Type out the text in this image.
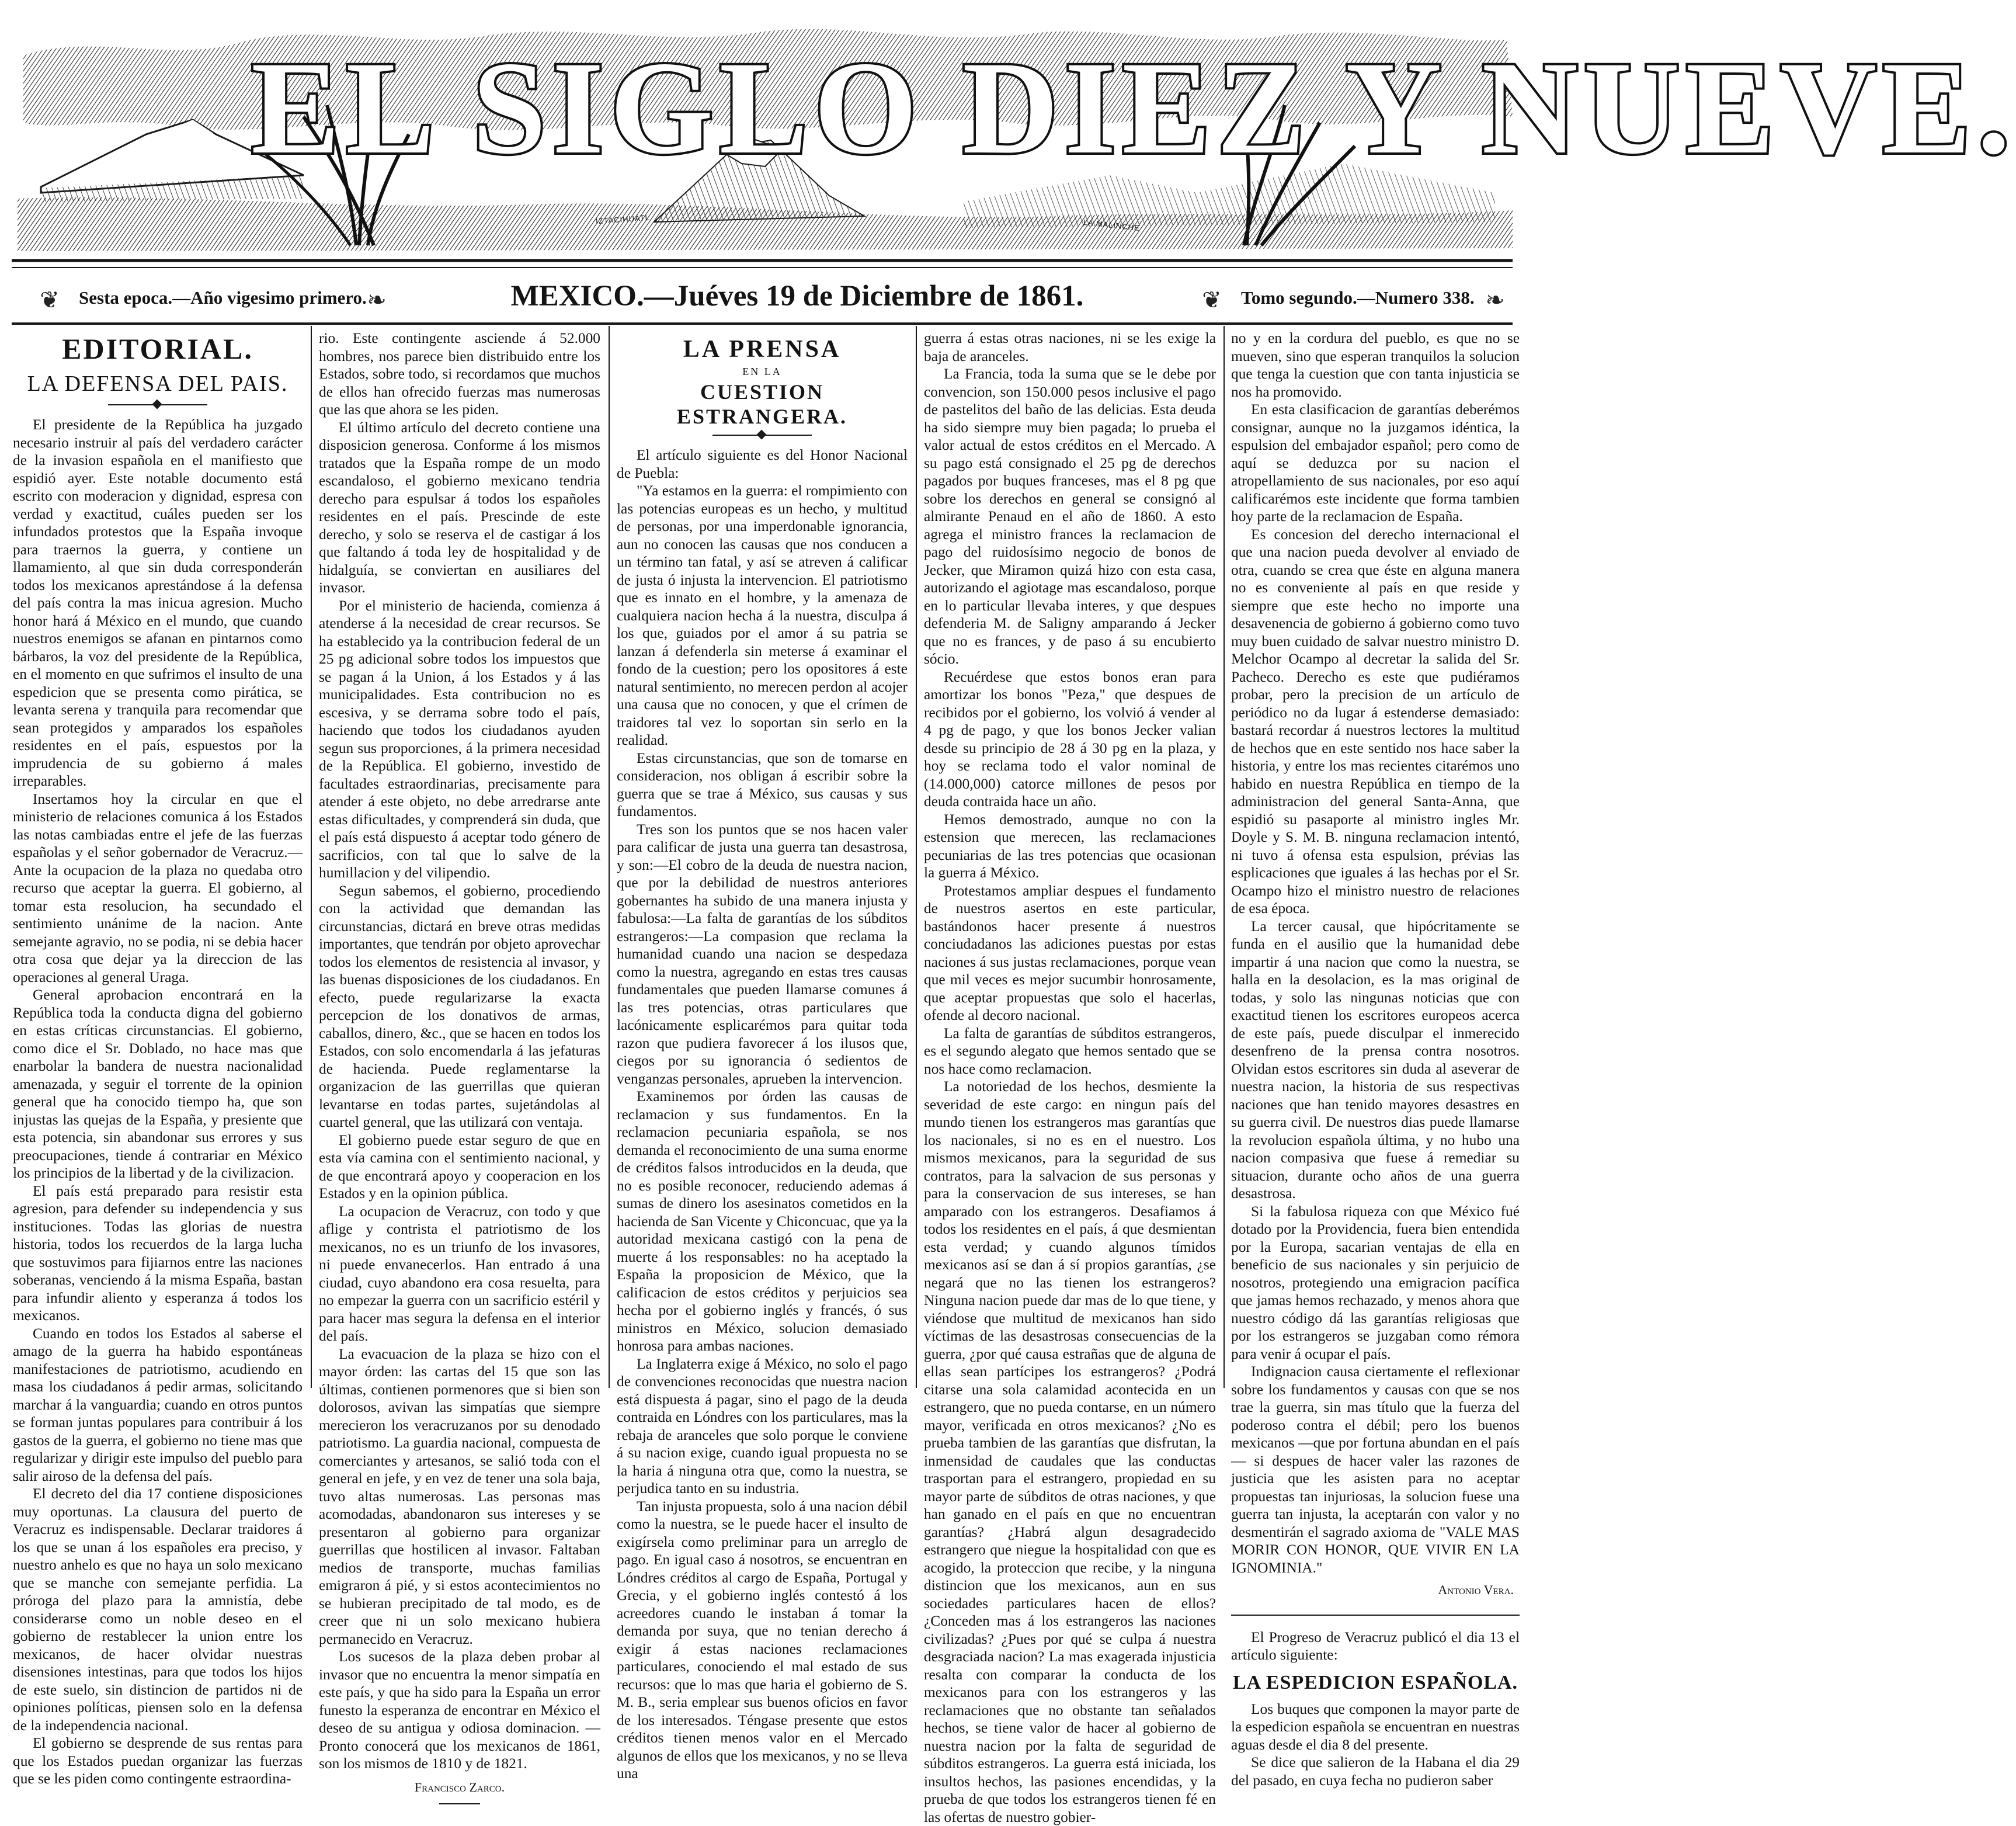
EL SIGLO DIEZ Y NUEVE.
IZTACIHUATL	LA MALINCHE
❦	Sesta epoca.—Año vigesimo primero. ❧	MEXICO.—Juéves 19 de Diciembre de 1861.	❦	Tomo segundo.—Numero 338. ❧
EDITORIAL.
LA DEFENSA DEL PAIS.

El presidente de la República ha juzgado necesario instruir al país del verdadero carácter de la invasion española en el manifiesto que espidió ayer. Este notable documento está escrito con moderacion y dignidad, espresa con verdad y exactitud, cuáles pueden ser los infundados protestos que la España invoque para traernos la guerra, y contiene un llamamiento, al que sin duda corresponderán todos los mexicanos aprestándose á la defensa del país contra la mas inicua agresion. Mucho honor hará á México en el mundo, que cuando nuestros enemigos se afanan en pintarnos como bárbaros, la voz del presidente de la República, en el momento en que sufrimos el insulto de una espedicion que se presenta como pirática, se levanta serena y tranquila para recomendar que sean protegidos y amparados los españoles residentes en el país, espuestos por la imprudencia de su gobierno á males irreparables.

Insertamos hoy la circular en que el ministerio de relaciones comunica á los Estados las notas cambiadas entre el jefe de las fuerzas españolas y el señor gobernador de Veracruz.—Ante la ocupacion de la plaza no quedaba otro recurso que aceptar la guerra. El gobierno, al tomar esta resolucion, ha secundado el sentimiento unánime de la nacion. Ante semejante agravio, no se podia, ni se debia hacer otra cosa que dejar ya la direccion de las operaciones al general Uraga.

General aprobacion encontrará en la República toda la conducta digna del gobierno en estas críticas circunstancias. El gobierno, como dice el Sr. Doblado, no hace mas que enarbolar la bandera de nuestra nacionalidad amenazada, y seguir el torrente de la opinion general que ha conocido tiempo ha, que son injustas las quejas de la España, y presiente que esta potencia, sin abandonar sus errores y sus preocupaciones, tiende á contrariar en México los principios de la libertad y de la civilizacion.

El país está preparado para resistir esta agresion, para defender su independencia y sus instituciones. Todas las glorias de nuestra historia, todos los recuerdos de la larga lucha que sostuvimos para fijiarnos entre las naciones soberanas, venciendo á la misma España, bastan para infundir aliento y esperanza á todos los mexicanos.

Cuando en todos los Estados al saberse el amago de la guerra ha habido espontáneas manifestaciones de patriotismo, acudiendo en masa los ciudadanos á pedir armas, solicitando marchar á la vanguardia; cuando en otros puntos se forman juntas populares para contribuir á los gastos de la guerra, el gobierno no tiene mas que regularizar y dirigir este impulso del pueblo para salir airoso de la defensa del país.

El decreto del dia 17 contiene disposiciones muy oportunas. La clausura del puerto de Veracruz es indispensable. Declarar traidores á los que se unan á los españoles era preciso, y nuestro anhelo es que no haya un solo mexicano que se manche con semejante perfidia. La próroga del plazo para la amnistía, debe considerarse como un noble deseo en el gobierno de restablecer la union entre los mexicanos, de hacer olvidar nuestras disensiones intestinas, para que todos los hijos de este suelo, sin distincion de partidos ni de opiniones políticas, piensen solo en la defensa de la independencia nacional.

El gobierno se desprende de sus rentas para que los Estados puedan organizar las fuerzas que se les piden como contingente estraordina-

rio. Este contingente asciende á 52.000 hombres, nos parece bien distribuido entre los Estados, sobre todo, si recordamos que muchos de ellos han ofrecido fuerzas mas numerosas que las que ahora se les piden.

El último artículo del decreto contiene una disposicion generosa. Conforme á los mismos tratados que la España rompe de un modo escandaloso, el gobierno mexicano tendria derecho para espulsar á todos los españoles residentes en el país. Prescinde de este derecho, y solo se reserva el de castigar á los que faltando á toda ley de hospitalidad y de hidalguía, se conviertan en ausiliares del invasor.

Por el ministerio de hacienda, comienza á atenderse á la necesidad de crear recursos. Se ha establecido ya la contribucion federal de un 25 pg adicional sobre todos los impuestos que se pagan á la Union, á los Estados y á las municipalidades. Esta contribucion no es escesiva, y se derrama sobre todo el país, haciendo que todos los ciudadanos ayuden segun sus proporciones, á la primera necesidad de la República. El gobierno, investido de facultades estraordinarias, precisamente para atender á este objeto, no debe arredrarse ante estas dificultades, y comprenderá sin duda, que el país está dispuesto á aceptar todo género de sacrificios, con tal que lo salve de la humillacion y del vilipendio.

Segun sabemos, el gobierno, procediendo con la actividad que demandan las circunstancias, dictará en breve otras medidas importantes, que tendrán por objeto aprovechar todos los elementos de resistencia al invasor, y las buenas disposiciones de los ciudadanos. En efecto, puede regularizarse la exacta percepcion de los donativos de armas, caballos, dinero, &c., que se hacen en todos los Estados, con solo encomendarla á las jefaturas de hacienda. Puede reglamentarse la organizacion de las guerrillas que quieran levantarse en todas partes, sujetándolas al cuartel general, que las utilizará con ventaja.

El gobierno puede estar seguro de que en esta vía camina con el sentimiento nacional, y de que encontrará apoyo y cooperacion en los Estados y en la opinion pública.

La ocupacion de Veracruz, con todo y que aflige y contrista el patriotismo de los mexicanos, no es un triunfo de los invasores, ni puede envanecerlos. Han entrado á una ciudad, cuyo abandono era cosa resuelta, para no empezar la guerra con un sacrificio estéril y para hacer mas segura la defensa en el interior del país.

La evacuacion de la plaza se hizo con el mayor órden: las cartas del 15 que son las últimas, contienen pormenores que si bien son dolorosos, avivan las simpatías que siempre merecieron los veracruzanos por su denodado patriotismo. La guardia nacional, compuesta de comerciantes y artesanos, se salió toda con el general en jefe, y en vez de tener una sola baja, tuvo altas numerosas. Las personas mas acomodadas, abandonaron sus intereses y se presentaron al gobierno para organizar guerrillas que hostilicen al invasor. Faltaban medios de transporte, muchas familias emigraron á pié, y si estos acontecimientos no se hubieran precipitado de tal modo, es de creer que ni un solo mexicano hubiera permanecido en Veracruz.

Los sucesos de la plaza deben probar al invasor que no encuentra la menor simpatía en este país, y que ha sido para la España un error funesto la esperanza de encontrar en México el deseo de su antigua y odiosa dominacion. —Pronto conocerá que los mexicanos de 1861, son los mismos de 1810 y de 1821.

Francisco Zarco.
LA PRENSA
EN LA
CUESTION ESTRANGERA.

El artículo siguiente es del Honor Nacional de Puebla:

"Ya estamos en la guerra: el rompimiento con las potencias europeas es un hecho, y multitud de personas, por una imperdonable ignorancia, aun no conocen las causas que nos conducen a un término tan fatal, y así se atreven á calificar de justa ó injusta la intervencion. El patriotismo que es innato en el hombre, y la amenaza de cualquiera nacion hecha á la nuestra, disculpa á los que, guiados por el amor á su patria se lanzan á defenderla sin meterse á examinar el fondo de la cuestion; pero los opositores á este natural sentimiento, no merecen perdon al acojer una causa que no conocen, y que el crímen de traidores tal vez lo soportan sin serlo en la realidad.

Estas circunstancias, que son de tomarse en consideracion, nos obligan á escribir sobre la guerra que se trae á México, sus causas y sus fundamentos.

Tres son los puntos que se nos hacen valer para calificar de justa una guerra tan desastrosa, y son:—El cobro de la deuda de nuestra nacion, que por la debilidad de nuestros anteriores gobernantes ha subido de una manera injusta y fabulosa:—La falta de garantías de los súbditos estrangeros:—La compasion que reclama la humanidad cuando una nacion se despedaza como la nuestra, agregando en estas tres causas fundamentales que pueden llamarse comunes á las tres potencias, otras particulares que lacónicamente esplicarémos para quitar toda razon que pudiera favorecer á los ilusos que, ciegos por su ignorancia ó sedientos de venganzas personales, aprueben la intervencion.

Examinemos por órden las causas de reclamacion y sus fundamentos. En la reclamacion pecuniaria española, se nos demanda el reconocimiento de una suma enorme de créditos falsos introducidos en la deuda, que no es posible reconocer, reduciendo ademas á sumas de dinero los asesinatos cometidos en la hacienda de San Vicente y Chiconcuac, que ya la autoridad mexicana castigó con la pena de muerte á los responsables: no ha aceptado la España la proposicion de México, que la calificacion de estos créditos y perjuicios sea hecha por el gobierno inglés y francés, ó sus ministros en México, solucion demasiado honrosa para ambas naciones.

La Inglaterra exige á México, no solo el pago de convenciones reconocidas que nuestra nacion está dispuesta á pagar, sino el pago de la deuda contraida en Lóndres con los particulares, mas la rebaja de aranceles que solo porque le conviene á su nacion exige, cuando igual propuesta no se la haria á ninguna otra que, como la nuestra, se perjudica tanto en su industria.

Tan injusta propuesta, solo á una nacion débil como la nuestra, se le puede hacer el insulto de exigírsela como preliminar para un arreglo de pago. En igual caso á nosotros, se encuentran en Lóndres créditos al cargo de España, Portugal y Grecia, y el gobierno inglés contestó á los acreedores cuando le instaban á tomar la demanda por suya, que no tenian derecho á exigir á estas naciones reclamaciones particulares, conociendo el mal estado de sus recursos: que lo mas que haria el gobierno de S. M. B., seria emplear sus buenos oficios en favor de los interesados. Téngase presente que estos créditos tienen menos valor en el Mercado algunos de ellos que los mexicanos, y no se lleva una

guerra á estas otras naciones, ni se les exige la baja de aranceles.

La Francia, toda la suma que se le debe por convencion, son 150.000 pesos inclusive el pago de pastelitos del baño de las delicias. Esta deuda ha sido siempre muy bien pagada; lo prueba el valor actual de estos créditos en el Mercado. A su pago está consignado el 25 pg de derechos pagados por buques franceses, mas el 8 pg que sobre los derechos en general se consignó al almirante Penaud en el año de 1860. A esto agrega el ministro frances la reclamacion de pago del ruidosísimo negocio de bonos de Jecker, que Miramon quizá hizo con esta casa, autorizando el agiotage mas escandaloso, porque en lo particular llevaba interes, y que despues defenderia M. de Saligny amparando á Jecker que no es frances, y de paso á su encubierto sócio.

Recuérdese que estos bonos eran para amortizar los bonos "Peza," que despues de recibidos por el gobierno, los volvió á vender al 4 pg de pago, y que los bonos Jecker valian desde su principio de 28 á 30 pg en la plaza, y hoy se reclama todo el valor nominal de (14.000,000) catorce millones de pesos por deuda contraida hace un año.

Hemos demostrado, aunque no con la estension que merecen, las reclamaciones pecuniarias de las tres potencias que ocasionan la guerra á México.

Protestamos ampliar despues el fundamento de nuestros asertos en este particular, bastándonos hacer presente á nuestros conciudadanos las adiciones puestas por estas naciones á sus justas reclamaciones, porque vean que mil veces es mejor sucumbir honrosamente, que aceptar propuestas que solo el hacerlas, ofende al decoro nacional.

La falta de garantías de súbditos estrangeros, es el segundo alegato que hemos sentado que se nos hace como reclamacion.

La notoriedad de los hechos, desmiente la severidad de este cargo: en ningun país del mundo tienen los estrangeros mas garantías que los nacionales, si no es en el nuestro. Los mismos mexicanos, para la seguridad de sus contratos, para la salvacion de sus personas y para la conservacion de sus intereses, se han amparado con los estrangeros. Desafiamos á todos los residentes en el país, á que desmientan esta verdad; y cuando algunos tímidos mexicanos así se dan á sí propios garantías, ¿se negará que no las tienen los estrangeros? Ninguna nacion puede dar mas de lo que tiene, y viéndose que multitud de mexicanos han sido víctimas de las desastrosas consecuencias de la guerra, ¿por qué causa estrañas que de alguna de ellas sean partícipes los estrangeros? ¿Podrá citarse una sola calamidad acontecida en un estrangero, que no pueda contarse, en un número mayor, verificada en otros mexicanos? ¿No es prueba tambien de las garantías que disfrutan, la inmensidad de caudales que las conductas trasportan para el estrangero, propiedad en su mayor parte de súbditos de otras naciones, y que han ganado en el país en que no encuentran garantías? ¿Habrá algun desagradecido estrangero que niegue la hospitalidad con que es acogido, la proteccion que recibe, y la ninguna distincion que los mexicanos, aun en sus sociedades particulares hacen de ellos? ¿Conceden mas á los estrangeros las naciones civilizadas? ¿Pues por qué se culpa á nuestra desgraciada nacion? La mas exagerada injusticia resalta con comparar la conducta de los mexicanos para con los estrangeros y las reclamaciones que no obstante tan señalados hechos, se tiene valor de hacer al gobierno de nuestra nacion por la falta de seguridad de súbditos estrangeros. La guerra está iniciada, los insultos hechos, las pasiones encendidas, y la prueba de que todos los estrangeros tienen fé en las ofertas de nuestro gobier-

no y en la cordura del pueblo, es que no se mueven, sino que esperan tranquilos la solucion que tenga la cuestion que con tanta injusticia se nos ha promovido.

En esta clasificacion de garantías deberémos consignar, aunque no la juzgamos idéntica, la espulsion del embajador español; pero como de aquí se deduzca por su nacion el atropellamiento de sus nacionales, por eso aquí calificarémos este incidente que forma tambien hoy parte de la reclamacion de España.

Es concesion del derecho internacional el que una nacion pueda devolver al enviado de otra, cuando se crea que éste en alguna manera no es conveniente al país en que reside y siempre que este hecho no importe una desavenencia de gobierno á gobierno como tuvo muy buen cuidado de salvar nuestro ministro D. Melchor Ocampo al decretar la salida del Sr. Pacheco. Derecho es este que pudiéramos probar, pero la precision de un artículo de periódico no da lugar á estenderse demasiado: bastará recordar á nuestros lectores la multitud de hechos que en este sentido nos hace saber la historia, y entre los mas recientes citarémos uno habido en nuestra República en tiempo de la administracion del general Santa-Anna, que espidió su pasaporte al ministro ingles Mr. Doyle y S. M. B. ninguna reclamacion intentó, ni tuvo á ofensa esta espulsion, prévias las esplicaciones que iguales á las hechas por el Sr. Ocampo hizo el ministro nuestro de relaciones de esa época.

La tercer causal, que hipócritamente se funda en el ausilio que la humanidad debe impartir á una nacion que como la nuestra, se halla en la desolacion, es la mas original de todas, y solo las ningunas noticias que con exactitud tienen los escritores europeos acerca de este país, puede disculpar el inmerecido desenfreno de la prensa contra nosotros. Olvidan estos escritores sin duda al aseverar de nuestra nacion, la historia de sus respectivas naciones que han tenido mayores desastres en su guerra civil. De nuestros dias puede llamarse la revolucion española última, y no hubo una nacion compasiva que fuese á remediar su situacion, durante ocho años de una guerra desastrosa.

Si la fabulosa riqueza con que México fué dotado por la Providencia, fuera bien entendida por la Europa, sacarian ventajas de ella en beneficio de sus nacionales y sin perjuicio de nosotros, protegiendo una emigracion pacífica que jamas hemos rechazado, y menos ahora que nuestro código dá las garantías religiosas que por los estrangeros se juzgaban como rémora para venir á ocupar el país.

Indignacion causa ciertamente el reflexionar sobre los fundamentos y causas con que se nos trae la guerra, sin mas título que la fuerza del poderoso contra el débil; pero los buenos mexicanos —que por fortuna abundan en el país— si despues de hacer valer las razones de justicia que les asisten para no aceptar propuestas tan injuriosas, la solucion fuese una guerra tan injusta, la aceptarán con valor y no desmentirán el sagrado axioma de "VALE MAS MORIR CON HONOR, QUE VIVIR EN LA IGNOMINIA."

Antonio Vera.

El Progreso de Veracruz publicó el dia 13 el artículo siguiente:

LA ESPEDICION ESPAÑOLA.

Los buques que componen la mayor parte de la espedicion española se encuentran en nuestras aguas desde el dia 8 del presente.

Se dice que salieron de la Habana el dia 29 del pasado, en cuya fecha no pudieron saber
